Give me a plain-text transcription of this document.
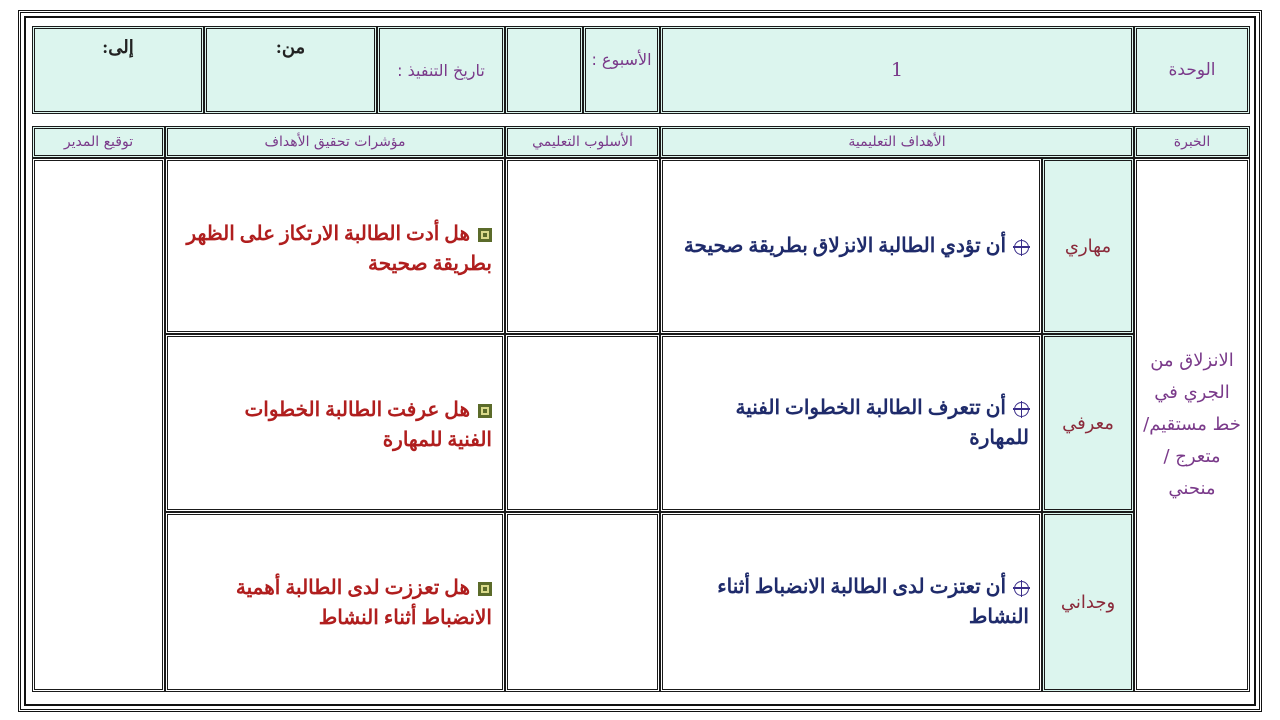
الوحدة
1
الأسبوع :
تاريخ التنفيذ :
من:
إلى:
الخبرة
الأهداف التعليمية
الأسلوب التعليمي
مؤشرات تحقيق الأهداف
توقيع المدير
الانزلاق من الجري في خط مستقيم/متعرج / منحني
مهاري
معرفي
وجداني
أن تؤدي الطالبة الانزلاق بطريقة صحيحة
أن تتعرف الطالبة الخطوات الفنية للمهارة
أن تعتزت لدى الطالبة الانضباط أثناء النشاط
هل أدت الطالبة الارتكاز على الظهر بطريقة صحيحة
هل عرفت الطالبة الخطوات الفنية للمهارة
هل تعززت لدى الطالبة أهمية الانضباط أثناء النشاط
